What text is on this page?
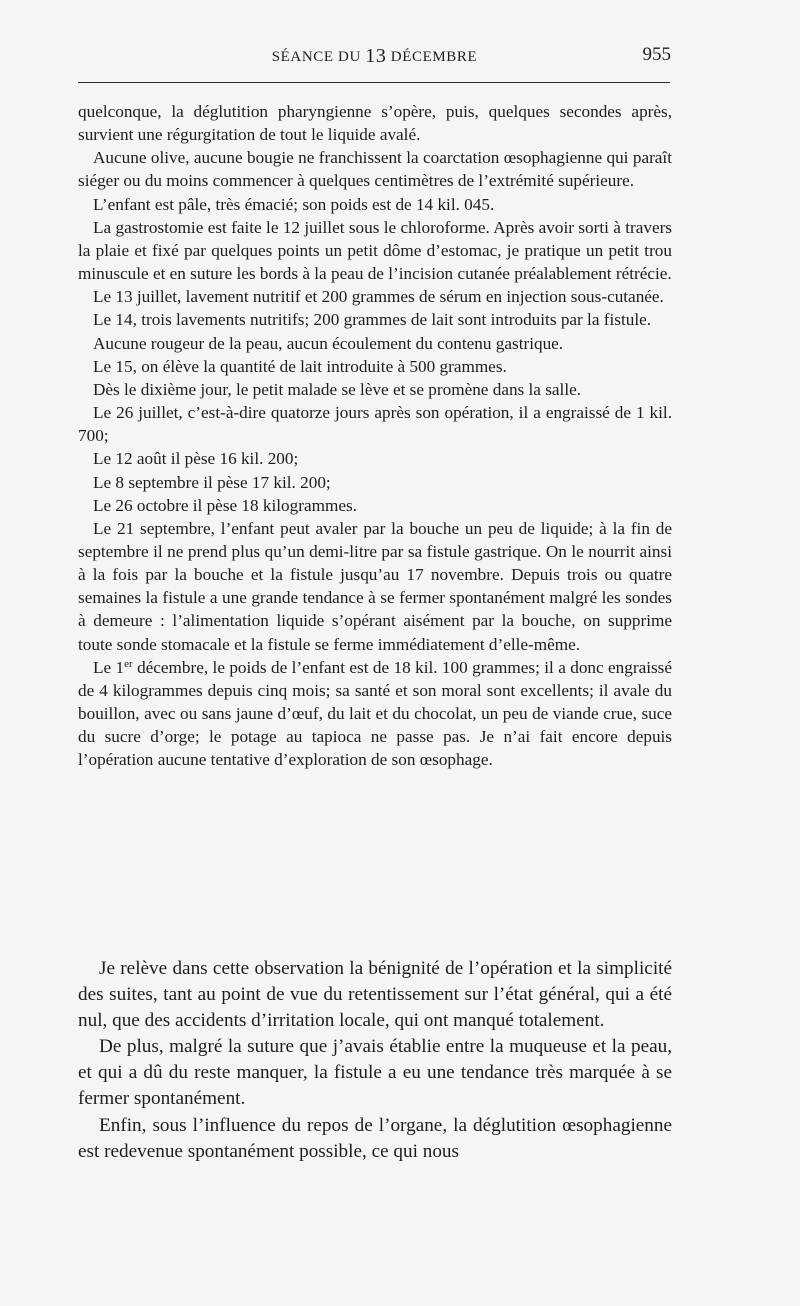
SÉANCE DU 13 DÉCEMBRE	955

quelconque, la déglutition pharyngienne s’opère, puis, quelques secondes après, survient une régurgitation de tout le liquide avalé.

Aucune olive, aucune bougie ne franchissent la coarctation œsophagienne qui paraît siéger ou du moins commencer à quelques centimètres de l’extrémité supérieure.

L’enfant est pâle, très émacié; son poids est de 14 kil. 045.

La gastrostomie est faite le 12 juillet sous le chloroforme. Après avoir sorti à travers la plaie et fixé par quelques points un petit dôme d’estomac, je pratique un petit trou minuscule et en suture les bords à la peau de l’incision cutanée préalablement rétrécie.

Le 13 juillet, lavement nutritif et 200 grammes de sérum en injection sous-cutanée.

Le 14, trois lavements nutritifs; 200 grammes de lait sont introduits par la fistule.

Aucune rougeur de la peau, aucun écoulement du contenu gastrique.

Le 15, on élève la quantité de lait introduite à 500 grammes.

Dès le dixième jour, le petit malade se lève et se promène dans la salle.

Le 26 juillet, c’est-à-dire quatorze jours après son opération, il a engraissé de 1 kil. 700;

Le 12 août il pèse 16 kil. 200;

Le 8 septembre il pèse 17 kil. 200;

Le 26 octobre il pèse 18 kilogrammes.

Le 21 septembre, l’enfant peut avaler par la bouche un peu de liquide; à la fin de septembre il ne prend plus qu’un demi-litre par sa fistule gastrique. On le nourrit ainsi à la fois par la bouche et la fistule jusqu’au 17 novembre. Depuis trois ou quatre semaines la fistule a une grande tendance à se fermer spontanément malgré les sondes à demeure : l’alimentation liquide s’opérant aisément par la bouche, on supprime toute sonde stomacale et la fistule se ferme immédiatement d’elle-même.

Le 1er décembre, le poids de l’enfant est de 18 kil. 100 grammes; il a donc engraissé de 4 kilogrammes depuis cinq mois; sa santé et son moral sont excellents; il avale du bouillon, avec ou sans jaune d’œuf, du lait et du chocolat, un peu de viande crue, suce du sucre d’orge; le potage au tapioca ne passe pas. Je n’ai fait encore depuis l’opération aucune tentative d’exploration de son œsophage.

Je relève dans cette observation la bénignité de l’opération et la simplicité des suites, tant au point de vue du retentissement sur l’état général, qui a été nul, que des accidents d’irritation locale, qui ont manqué totalement.

De plus, malgré la suture que j’avais établie entre la muqueuse et la peau, et qui a dû du reste manquer, la fistule a eu une tendance très marquée à se fermer spontanément.

Enfin, sous l’influence du repos de l’organe, la déglutition œsophagienne est redevenue spontanément possible, ce qui nous
